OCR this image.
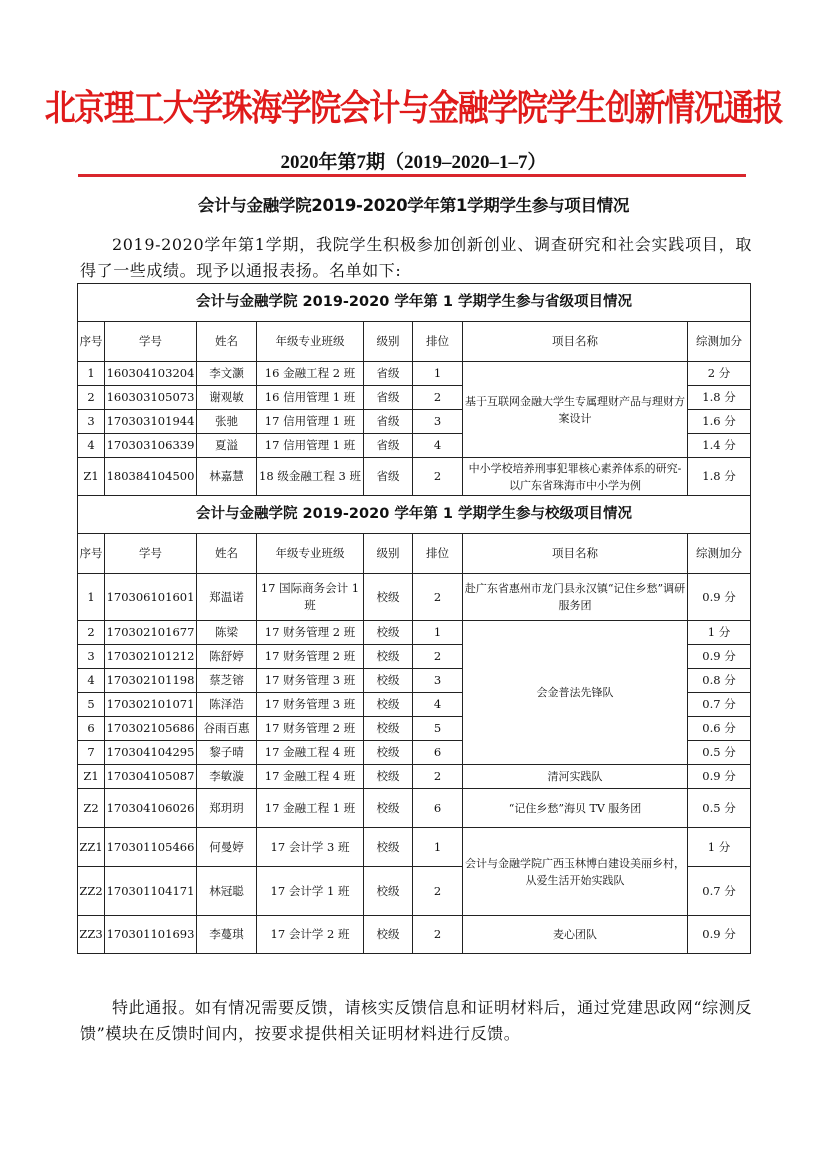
北京理工大学珠海学院会计与金融学院学生创新情况通报
2020年第7期（2019–2020–1–7）
会计与金融学院2019-2020学年第1学期学生参与项目情况
2019-2020学年第1学期，我院学生积极参加创新创业、调查研究和社会实践项目，取得了一些成绩。现予以通报表扬。名单如下:
会计与金融学院 2019-2020 学年第 1 学期学生参与省级项目情况							
序号	学号	姓名	年级专业班级	级别	排位	项目名称	综测加分
1	160304103204	李文灏	16 金融工程 2 班	省级	1	基于互联网金融大学生专属理财产品与理财方案设计	2 分
2	160303105073	谢观敏	16 信用管理 1 班	省级	2		1.8 分
3	170303101944	张驰	17 信用管理 1 班	省级	3		1.6 分
4	170303106339	夏溢	17 信用管理 1 班	省级	4		1.4 分
Z1	180384104500	林嘉慧	18 级金融工程 3 班	省级	2	中小学校培养刑事犯罪核心素养体系的研究-以广东省珠海市中小学为例	1.8 分
会计与金融学院 2019-2020 学年第 1 学期学生参与校级项目情况							
序号	学号	姓名	年级专业班级	级别	排位	项目名称	综测加分
1	170306101601	郑温诺	17 国际商务会计 1 班	校级	2	赴广东省惠州市龙门县永汉镇“记住乡愁”调研服务团	0.9 分
2	170302101677	陈梁	17 财务管理 2 班	校级	1	会金普法先锋队	1 分
3	170302101212	陈舒婷	17 财务管理 2 班	校级	2		0.9 分
4	170302101198	蔡芝镕	17 财务管理 3 班	校级	3		0.8 分
5	170302101071	陈泽浩	17 财务管理 3 班	校级	4		0.7 分
6	170302105686	谷雨百惠	17 财务管理 2 班	校级	5		0.6 分
7	170304104295	黎子晴	17 金融工程 4 班	校级	6		0.5 分
Z1	170304105087	李敏漩	17 金融工程 4 班	校级	2	清河实践队	0.9 分
Z2	170304106026	郑玥玥	17 金融工程 1 班	校级	6	“记住乡愁”海贝 TV 服务团	0.5 分
ZZ1	170301105466	何曼婷	17 会计学 3 班	校级	1	会计与金融学院广西玉林博白建设美丽乡村，从爱生活开始实践队	1 分
ZZ2	170301104171	林冠聪	17 会计学 1 班	校级	2		0.7 分
ZZ3	170301101693	李蔓琪	17 会计学 2 班	校级	2	麦心团队	0.9 分
特此通报。如有情况需要反馈，请核实反馈信息和证明材料后，通过党建思政网“综测反馈”模块在反馈时间内，按要求提供相关证明材料进行反馈。
